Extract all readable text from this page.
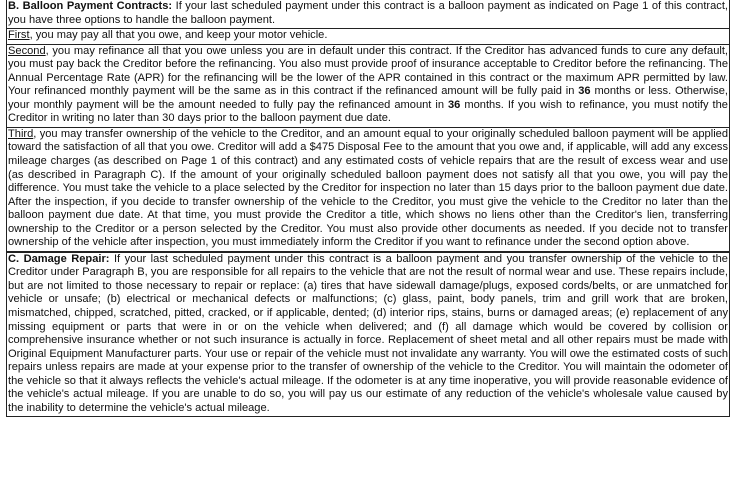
B. Balloon Payment Contracts: If your last scheduled payment under this contract is a balloon payment as indicated on Page 1 of this contract, you have three options to handle the balloon payment.

First, you may pay all that you owe, and keep your motor vehicle.

Second, you may refinance all that you owe unless you are in default under this contract. If the Creditor has advanced funds to cure any default, you must pay back the Creditor before the refinancing. You also must provide proof of insurance acceptable to Creditor before the refinancing. The Annual Percentage Rate (APR) for the refinancing will be the lower of the APR contained in this contract or the maximum APR permitted by law. Your refinanced monthly payment will be the same as in this contract if the refinanced amount will be fully paid in 36 months or less. Otherwise, your monthly payment will be the amount needed to fully pay the refinanced amount in 36 months. If you wish to refinance, you must notify the Creditor in writing no later than 30 days prior to the balloon payment due date.

Third, you may transfer ownership of the vehicle to the Creditor, and an amount equal to your originally scheduled balloon payment will be applied toward the satisfaction of all that you owe. Creditor will add a $475 Disposal Fee to the amount that you owe and, if applicable, will add any excess mileage charges (as described on Page 1 of this contract) and any estimated costs of vehicle repairs that are the result of excess wear and use (as described in Paragraph C). If the amount of your originally scheduled balloon payment does not satisfy all that you owe, you will pay the difference. You must take the vehicle to a place selected by the Creditor for inspection no later than 15 days prior to the balloon payment due date. After the inspection, if you decide to transfer ownership of the vehicle to the Creditor, you must give the vehicle to the Creditor no later than the balloon payment due date. At that time, you must provide the Creditor a title, which shows no liens other than the Creditor's lien, transferring ownership to the Creditor or a person selected by the Creditor. You must also provide other documents as needed. If you decide not to transfer ownership of the vehicle after inspection, you must immediately inform the Creditor if you want to refinance under the second option above.

C. Damage Repair: If your last scheduled payment under this contract is a balloon payment and you transfer ownership of the vehicle to the Creditor under Paragraph B, you are responsible for all repairs to the vehicle that are not the result of normal wear and use. These repairs include, but are not limited to those necessary to repair or replace: (a) tires that have sidewall damage/plugs, exposed cords/belts, or are unmatched for vehicle or unsafe; (b) electrical or mechanical defects or malfunctions; (c) glass, paint, body panels, trim and grill work that are broken, mismatched, chipped, scratched, pitted, cracked, or if applicable, dented; (d) interior rips, stains, burns or damaged areas; (e) replacement of any missing equipment or parts that were in or on the vehicle when delivered; and (f) all damage which would be covered by collision or comprehensive insurance whether or not such insurance is actually in force. Replacement of sheet metal and all other repairs must be made with Original Equipment Manufacturer parts. Your use or repair of the vehicle must not invalidate any warranty. You will owe the estimated costs of such repairs unless repairs are made at your expense prior to the transfer of ownership of the vehicle to the Creditor. You will maintain the odometer of the vehicle so that it always reflects the vehicle's actual mileage. If the odometer is at any time inoperative, you will provide reasonable evidence of the vehicle's actual mileage. If you are unable to do so, you will pay us our estimate of any reduction of the vehicle's wholesale value caused by the inability to determine the vehicle's actual mileage.
